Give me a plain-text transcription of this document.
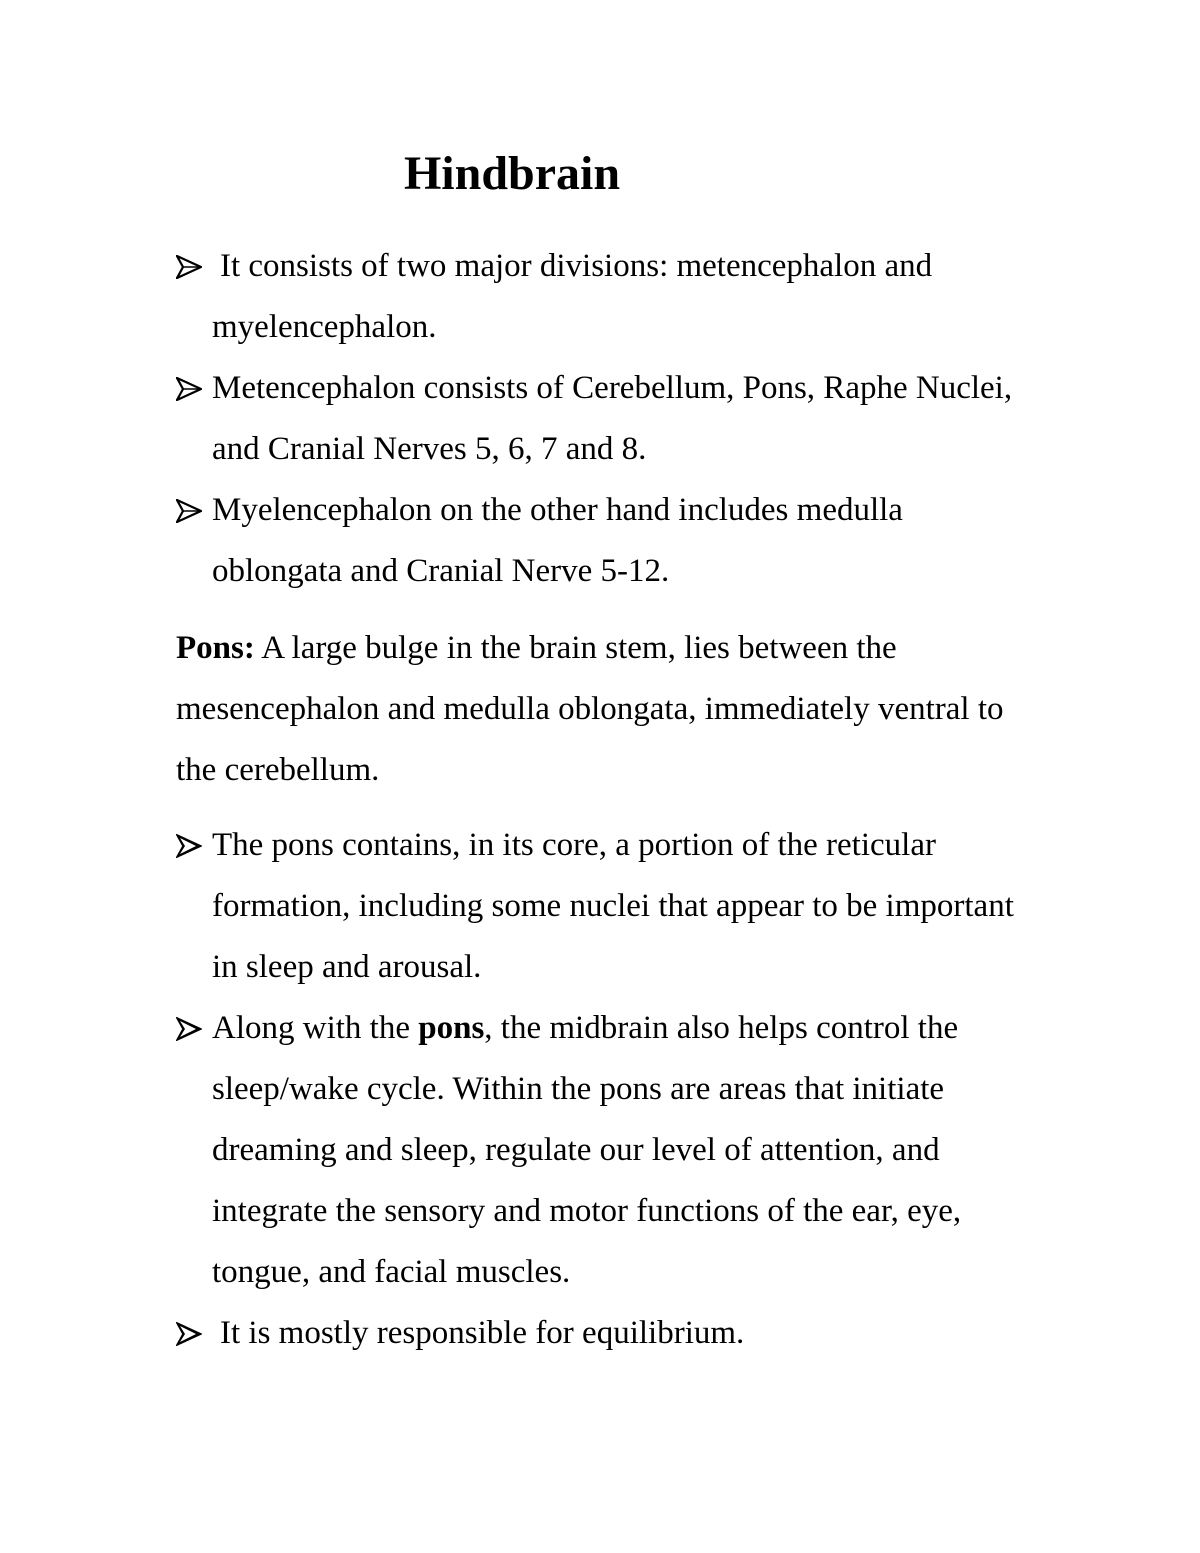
Hindbrain
It consists of two major divisions: metencephalon and myelencephalon.
Metencephalon consists of Cerebellum, Pons, Raphe Nuclei, and Cranial Nerves 5, 6, 7 and 8.
Myelencephalon on the other hand includes medulla oblongata and Cranial Nerve 5-12.

Pons: A large bulge in the brain stem, lies between the mesencephalon and medulla oblongata, immediately ventral to the cerebellum.

The pons contains, in its core, a portion of the reticular formation, including some nuclei that appear to be important in sleep and arousal.
Along with the pons, the midbrain also helps control the sleep/wake cycle. Within the pons are areas that initiate dreaming and sleep, regulate our level of attention, and integrate the sensory and motor functions of the ear, eye, tongue, and facial muscles.
It is mostly responsible for equilibrium.
